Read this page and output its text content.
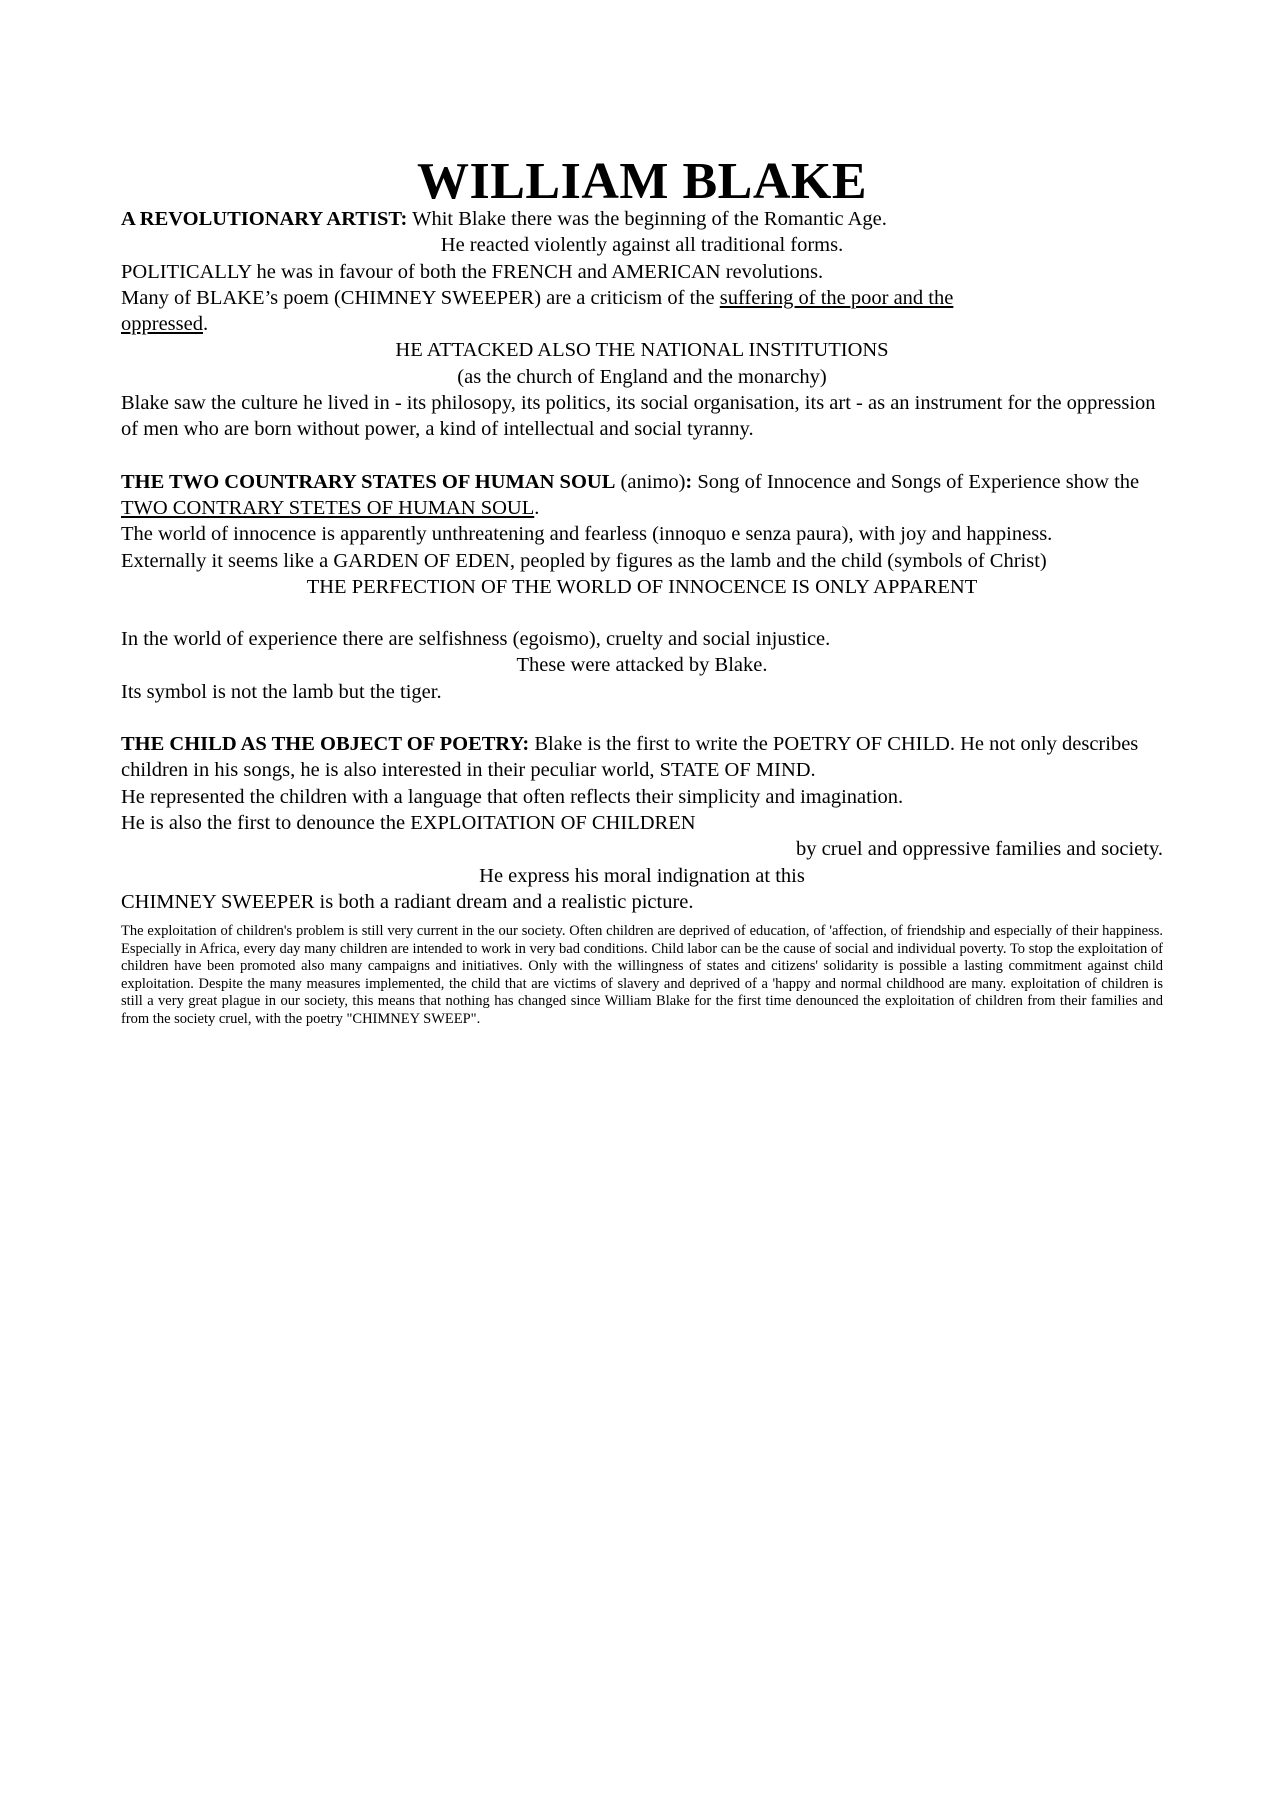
WILLIAM BLAKE

A REVOLUTIONARY ARTIST: Whit Blake there was the beginning of the Romantic Age.

He reacted violently against all traditional forms.

POLITICALLY he was in favour of both the FRENCH and AMERICAN revolutions.

Many of BLAKE’s poem (CHIMNEY SWEEPER) are a criticism of the suffering of the poor and the
oppressed.

HE ATTACKED ALSO THE NATIONAL INSTITUTIONS

(as the church of England and the monarchy)

Blake saw the culture he lived in - its philosopy, its politics, its social organisation, its art - as an instrument for the oppression of men who are born without power, a kind of intellectual and social tyranny.

THE TWO COUNTRARY STATES OF HUMAN SOUL (animo): Song of Innocence and Songs of Experience show the TWO CONTRARY STETES OF HUMAN SOUL.

The world of innocence is apparently unthreatening and fearless (innoquo e senza paura), with joy and happiness.

Externally it seems like a GARDEN OF EDEN, peopled by figures as the lamb and the child (symbols of Christ)

THE PERFECTION OF THE WORLD OF INNOCENCE IS ONLY APPARENT

In the world of experience there are selfishness (egoismo), cruelty and social injustice.

These were attacked by Blake.

Its symbol is not the lamb but the tiger.

THE CHILD AS THE OBJECT OF POETRY: Blake is the first to write the POETRY OF CHILD. He not only describes children in his songs, he is also interested in their peculiar world, STATE OF MIND.

He represented the children with a language that often reflects their simplicity and imagination.

He is also the first to denounce the EXPLOITATION OF CHILDREN

by cruel and oppressive families and society.

He express his moral indignation at this

CHIMNEY SWEEPER is both a radiant dream and a realistic picture.

The exploitation of children's problem is still very current in the our society. Often children are deprived of education, of 'affection, of friendship and especially of their happiness. Especially in Africa, every day many children are intended to work in very bad conditions. Child labor can be the cause of social and individual poverty. To stop the exploitation of children have been promoted also many campaigns and initiatives. Only with the willingness of states and citizens' solidarity is possible a lasting commitment against child exploitation. Despite the many measures implemented, the child that are victims of slavery and deprived of a 'happy and normal childhood are many. exploitation of children is still a very great plague in our society, this means that nothing has changed since William Blake for the first time denounced the exploitation of children from their families and from the society cruel, with the poetry "CHIMNEY SWEEP".
